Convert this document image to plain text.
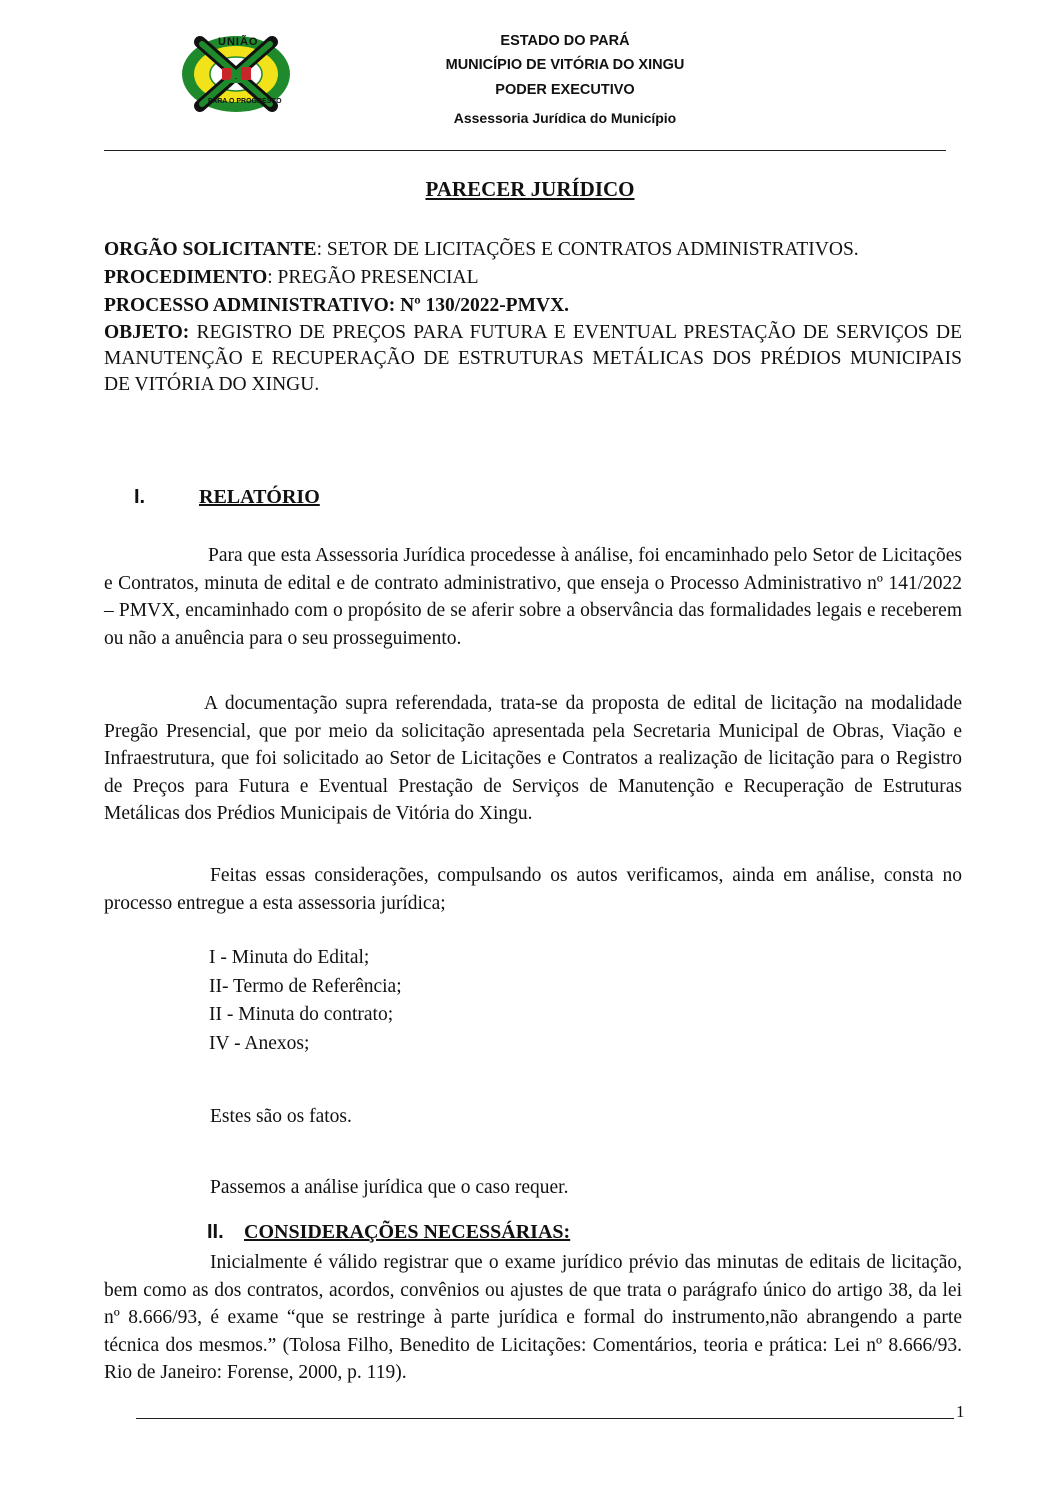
UNIÃO
PARA O PROGRESSO
ESTADO DO PARÁ
MUNICÍPIO DE VITÓRIA DO XINGU
PODER EXECUTIVO
Assessoria Jurídica do Município
PARECER JURÍDICO

ORGÃO SOLICITANTE: SETOR DE LICITAÇÕES E CONTRATOS ADMINISTRATIVOS.

PROCEDIMENTO: PREGÃO PRESENCIAL

PROCESSO ADMINISTRATIVO: Nº 130/2022-PMVX.

OBJETO: REGISTRO DE PREÇOS PARA FUTURA E EVENTUAL PRESTAÇÃO DE SERVIÇOS DE MANUTENÇÃO E RECUPERAÇÃO DE ESTRUTURAS METÁLICAS DOS PRÉDIOS MUNICIPAIS DE VITÓRIA DO XINGU.

I.	RELATÓRIO

Para que esta Assessoria Jurídica procedesse à análise, foi encaminhado pelo Setor de Licitações e Contratos, minuta de edital e de contrato administrativo, que enseja o Processo Administrativo nº 141/2022 – PMVX, encaminhado com o propósito de se aferir sobre a observância das formalidades legais e receberem ou não a anuência para o seu prosseguimento.

A documentação supra referendada, trata-se da proposta de edital de licitação na modalidade Pregão Presencial, que por meio da solicitação apresentada pela Secretaria Municipal de Obras, Viação e Infraestrutura, que foi solicitado ao Setor de Licitações e Contratos a realização de licitação para o Registro de Preços para Futura e Eventual Prestação de Serviços de Manutenção e Recuperação de Estruturas Metálicas dos Prédios Municipais de Vitória do Xingu.

Feitas essas considerações, compulsando os autos verificamos, ainda em análise, consta no processo entregue a esta assessoria jurídica;

I - Minuta do Edital;
II- Termo de Referência;
II - Minuta do contrato;
IV - Anexos;
Estes são os fatos.
Passemos a análise jurídica que o caso requer.
II. CONSIDERAÇÕES NECESSÁRIAS:

Inicialmente é válido registrar que o exame jurídico prévio das minutas de editais de licitação, bem como as dos contratos, acordos, convênios ou ajustes de que trata o parágrafo único do artigo 38, da lei nº 8.666/93, é exame “que se restringe à parte jurídica e formal do instrumento,não abrangendo a parte técnica dos mesmos.” (Tolosa Filho, Benedito de Licitações: Comentários, teoria e prática: Lei nº 8.666/93. Rio de Janeiro: Forense, 2000, p. 119).

1
